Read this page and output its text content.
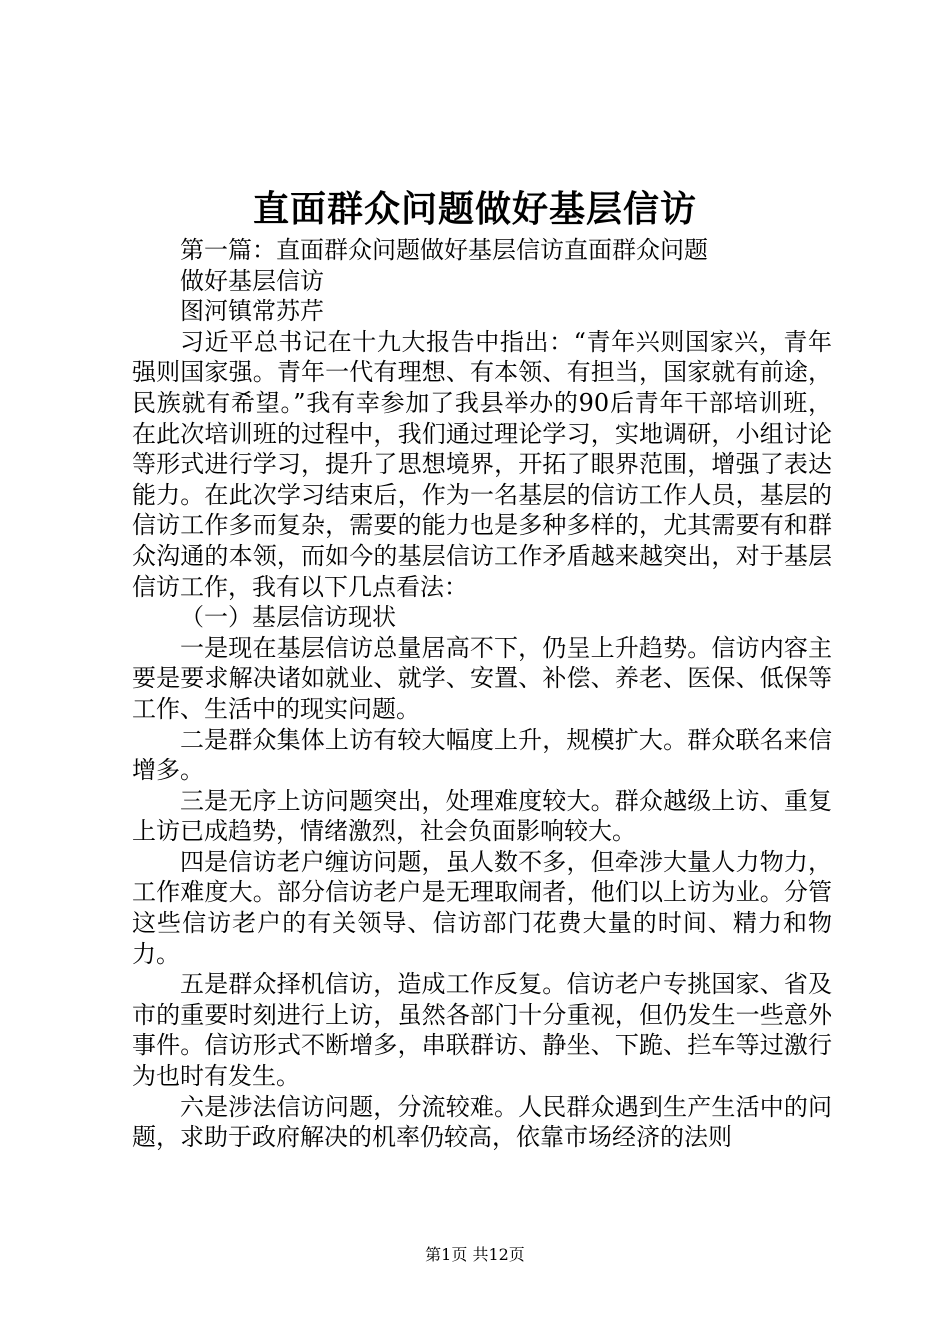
直面群众问题做好基层信访

第一篇：直面群众问题做好基层信访直面群众问题

做好基层信访

图河镇常苏芹

习近平总书记在十九大报告中指出：“青年兴则国家兴，青年强则国家强。青年一代有理想、有本领、有担当，国家就有前途，民族就有希望。”我有幸参加了我县举办的90后青年干部培训班，在此次培训班的过程中，我们通过理论学习，实地调研，小组讨论等形式进行学习，提升了思想境界，开拓了眼界范围，增强了表达能力。在此次学习结束后，作为一名基层的信访工作人员，基层的信访工作多而复杂，需要的能力也是多种多样的，尤其需要有和群众沟通的本领，而如今的基层信访工作矛盾越来越突出，对于基层信访工作，我有以下几点看法：

（一）基层信访现状

一是现在基层信访总量居高不下，仍呈上升趋势。信访内容主要是要求解决诸如就业、就学、安置、补偿、养老、医保、低保等工作、生活中的现实问题。

二是群众集体上访有较大幅度上升，规模扩大。群众联名来信增多。

三是无序上访问题突出，处理难度较大。群众越级上访、重复上访已成趋势，情绪激烈，社会负面影响较大。

四是信访老户缠访问题，虽人数不多，但牵涉大量人力物力，工作难度大。部分信访老户是无理取闹者，他们以上访为业。分管这些信访老户的有关领导、信访部门花费大量的时间、精力和物力。

五是群众择机信访，造成工作反复。信访老户专挑国家、省及市的重要时刻进行上访，虽然各部门十分重视，但仍发生一些意外事件。信访形式不断增多，串联群访、静坐、下跪、拦车等过激行为也时有发生。

六是涉法信访问题，分流较难。人民群众遇到生产生活中的问题，求助于政府解决的机率仍较高，依靠市场经济的法则

第1页 共12页
